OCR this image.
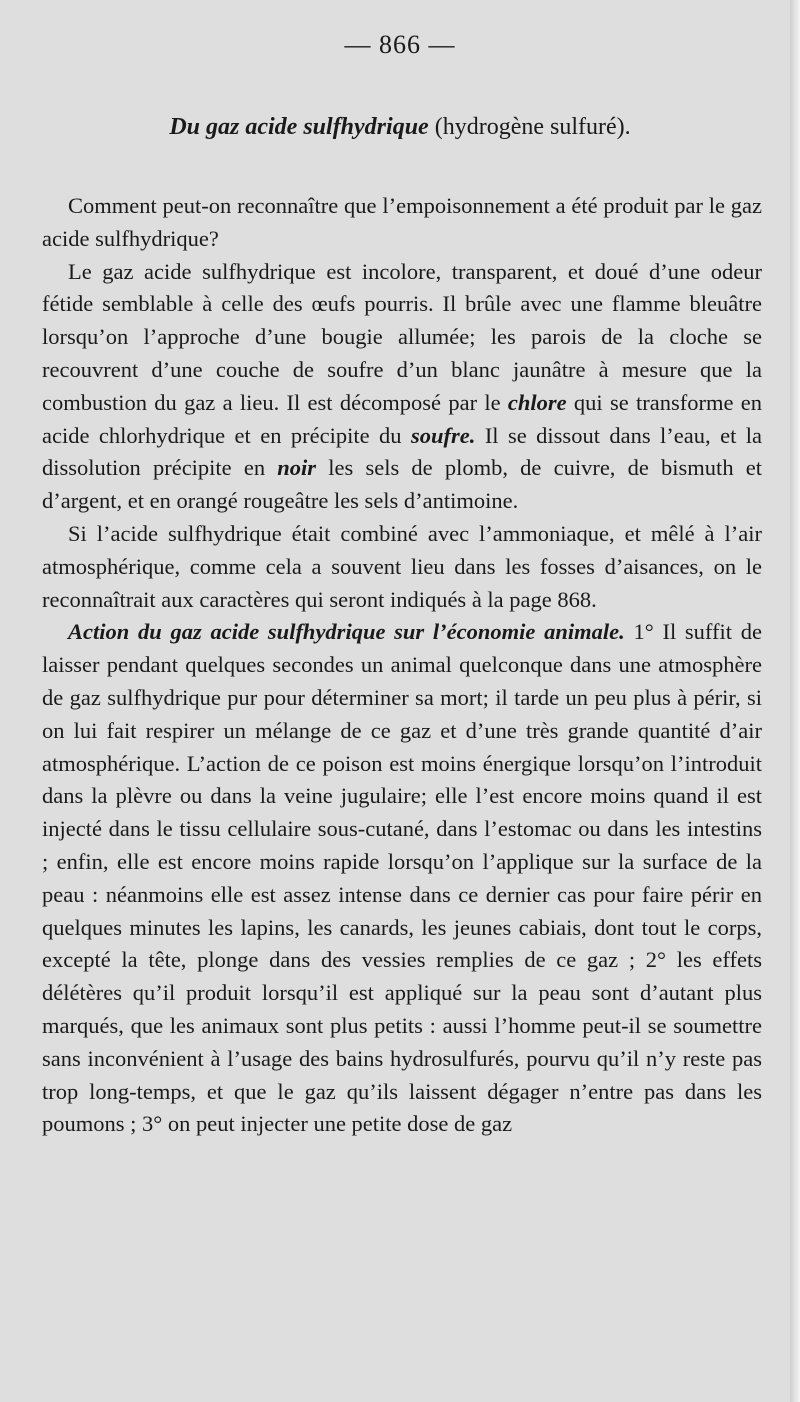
— 866 —
Du gaz acide sulfhydrique (hydrogène sulfuré).

Comment peut-on reconnaître que l’empoisonnement a été produit par le gaz acide sulfhydrique?

Le gaz acide sulfhydrique est incolore, transparent, et doué d’une odeur fétide semblable à celle des œufs pourris. Il brûle avec une flamme bleuâtre lorsqu’on l’approche d’une bougie allumée; les parois de la cloche se recouvrent d’une couche de soufre d’un blanc jaunâtre à mesure que la combustion du gaz a lieu. Il est décomposé par le chlore qui se transforme en acide chlorhydrique et en précipite du soufre. Il se dissout dans l’eau, et la dissolution précipite en noir les sels de plomb, de cuivre, de bismuth et d’argent, et en orangé rougeâtre les sels d’antimoine.

Si l’acide sulfhydrique était combiné avec l’ammoniaque, et mêlé à l’air atmosphérique, comme cela a souvent lieu dans les fosses d’aisances, on le reconnaîtrait aux caractères qui seront indiqués à la page 868.

Action du gaz acide sulfhydrique sur l’économie animale. 1° Il suffit de laisser pendant quelques secondes un animal quelconque dans une atmosphère de gaz sulfhydrique pur pour déterminer sa mort; il tarde un peu plus à périr, si on lui fait respirer un mélange de ce gaz et d’une très grande quantité d’air atmosphérique. L’action de ce poison est moins énergique lorsqu’on l’introduit dans la plèvre ou dans la veine jugulaire; elle l’est encore moins quand il est injecté dans le tissu cellulaire sous-cutané, dans l’estomac ou dans les intestins ; enfin, elle est encore moins rapide lorsqu’on l’applique sur la surface de la peau : néanmoins elle est assez intense dans ce dernier cas pour faire périr en quelques minutes les lapins, les canards, les jeunes cabiais, dont tout le corps, excepté la tête, plonge dans des vessies remplies de ce gaz ; 2° les effets délétères qu’il produit lorsqu’il est appliqué sur la peau sont d’autant plus marqués, que les animaux sont plus petits : aussi l’homme peut-il se soumettre sans inconvénient à l’usage des bains hydrosulfurés, pourvu qu’il n’y reste pas trop long-temps, et que le gaz qu’ils laissent dégager n’entre pas dans les poumons ; 3° on peut injecter une petite dose de gaz
